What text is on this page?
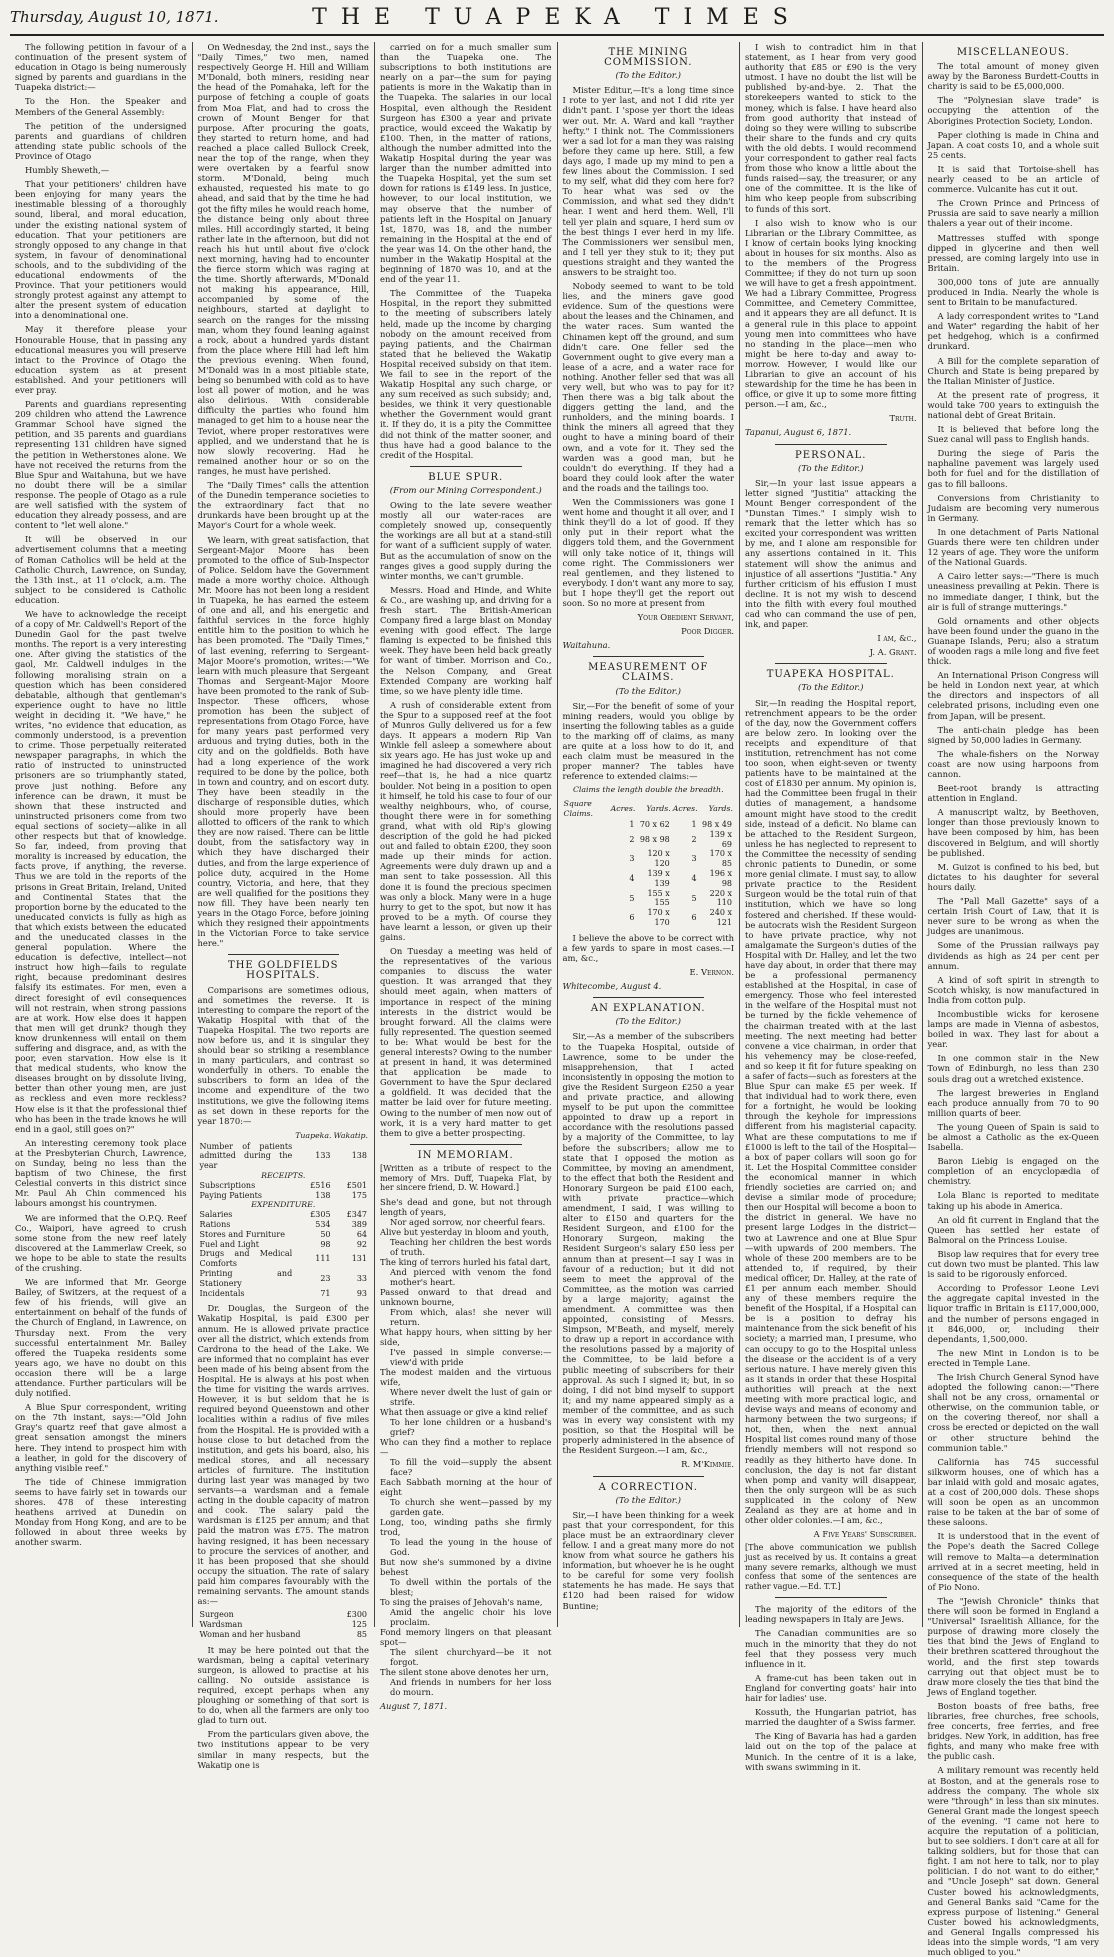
Thursday, August 10, 1871.	THE TUAPEKA TIMES

The following petition in favour of a continuation of the present system of education in Otago is being numerously signed by parents and guardians in the Tuapeka district:—

To the Hon. the Speaker and Members of the General Assembly:

The petition of the undersigned parents and guardians of children attending state public schools of the Province of Otago

Humbly Sheweth,—

That your petitioners' children have been enjoying for many years the inestimable blessing of a thoroughly sound, liberal, and moral education, under the existing national system of education. That your petitioners are strongly opposed to any change in that system, in favour of denominational schools, and to the subdividing of the educational endowments of the Province. That your petitioners would strongly protest against any attempt to alter the present system of education into a denominational one.

May it therefore please your Honourable House, that in passing any educational measures you will preserve intact to the Province of Otago the education system as at present established. And your petitioners will ever pray.

Parents and guardians representing 209 children who attend the Lawrence Grammar School have signed the petition, and 35 parents and guardians representing 131 children have signed the petition in Wetherstones alone. We have not received the returns from the Blue Spur and Waitahuna, but we have no doubt there will be a similar response. The people of Otago as a rule are well satisfied with the system of education they already possess, and are content to "let well alone."

It will be observed in our advertisement columns that a meeting of Roman Catholics will be held at the Catholic Church, Lawrence, on Sunday, the 13th inst., at 11 o'clock, a.m. The subject to be considered is Catholic education.

We have to acknowledge the receipt of a copy of Mr. Caldwell's Report of the Dunedin Gaol for the past twelve months. The report is a very interesting one. After giving the statistics of the gaol, Mr. Caldwell indulges in the following moralising strain on a question which has been considered debatable, although that gentleman's experience ought to have no little weight in deciding it. "We have," he writes, "no evidence that education, as commonly understood, is a prevention to crime. Those perpetually reiterated newspaper paragraphs, in which the ratio of instructed to uninstructed prisoners are so triumphantly stated, prove just nothing. Before any inference can be drawn, it must be shown that these instructed and uninstructed prisoners come from two equal sections of society—alike in all other respects but that of knowledge. So far, indeed, from proving that morality is increased by education, the facts prove, if anything, the reverse. Thus we are told in the reports of the prisons in Great Britain, Ireland, United and Continental States that the proportion borne by the educated to the uneducated convicts is fully as high as that which exists between the educated and the uneducated classes in the general population. Where the education is defective, intellect—not instruct how high—fails to regulate right, because predominant desires falsify its estimates. For men, even a direct foresight of evil consequences will not restrain, when strong passions are at work. How else does it happen that men will get drunk? though they know drunkenness will entail on them suffering and disgrace, and, as with the poor, even starvation. How else is it that medical students, who know the diseases brought on by dissolute living, better than other young men, are just as reckless and even more reckless? How else is it that the professional thief who has been in the trade knows he will end in a gaol, still goes on?"

An interesting ceremony took place at the Presbyterian Church, Lawrence, on Sunday, being no less than the baptism of two Chinese, the first Celestial converts in this district since Mr. Paul Ah Chin commenced his labours amongst his countrymen.

We are informed that the O.P.Q. Reef Co., Waipori, have agreed to crush some stone from the new reef lately discovered at the Lammerlaw Creek, so we hope to be able to state the results of the crushing.

We are informed that Mr. George Bailey, of Switzers, at the request of a few of his friends, will give an entertainment on behalf of the funds of the Church of England, in Lawrence, on Thursday next. From the very successful entertainment Mr. Bailey offered the Tuapeka residents some years ago, we have no doubt on this occasion there will be a large attendance. Further particulars will be duly notified.

A Blue Spur correspondent, writing on the 7th instant, says:—"Old John Gray's quartz reef that gave almost a great sensation amongst the miners here. They intend to prospect him with a leather, in gold for the discovery of anything visible reef."

The tide of Chinese immigration seems to have fairly set in towards our shores. 478 of these interesting heathens arrived at Dunedin on Monday from Hong Kong, and are to be followed in about three weeks by another swarm.

On Wednesday, the 2nd inst., says the "Daily Times," two men, named respectively George H. Hill and William M'Donald, both miners, residing near the head of the Pomahaka, left for the purpose of fetching a couple of goats from Moa Flat, and had to cross the crown of Mount Benger for that purpose. After procuring the goats, they started to return home, and had reached a place called Bullock Creek, near the top of the range, when they were overtaken by a fearful snow storm. M'Donald, being much exhausted, requested his mate to go ahead, and said that by the time he had got the fifty miles he would reach home, the distance being only about three miles. Hill accordingly started, it being rather late in the afternoon, but did not reach his hut until about five o'clock next morning, having had to encounter the fierce storm which was raging at the time. Shortly afterwards, M'Donald not making his appearance, Hill, accompanied by some of the neighbours, started at daylight to search on the ranges for the missing man, whom they found leaning against a rock, about a hundred yards distant from the place where Hill had left him the previous evening. When found, M'Donald was in a most pitiable state, being so benumbed with cold as to have lost all power of motion, and he was also delirious. With considerable difficulty the parties who found him managed to get him to a house near the Teviot, where proper restoratives were applied, and we understand that he is now slowly recovering. Had he remained another hour or so on the ranges, he must have perished.

The "Daily Times" calls the attention of the Dunedin temperance societies to the extraordinary fact that no drunkards have been brought up at the Mayor's Court for a whole week.

We learn, with great satisfaction, that Sergeant-Major Moore has been promoted to the office of Sub-Inspector of Police. Seldom have the Government made a more worthy choice. Although Mr. Moore has not been long a resident in Tuapeka, he has earned the esteem of one and all, and his energetic and faithful services in the force highly entitle him to the position to which he has been promoted. The "Daily Times," of last evening, referring to Sergeant-Major Moore's promotion, writes:—"We learn with much pleasure that Sergeant Thomas and Sergeant-Major Moore have been promoted to the rank of Sub-Inspector. These officers, whose promotion has been the subject of representations from Otago Force, have for many years past performed very arduous and trying duties, both in the city and on the goldfields. Both have had a long experience of the work required to be done by the police, both in town and country, and on escort duty. They have been steadily in the discharge of responsible duties, which should more properly have been allotted to officers of the rank to which they are now raised. There can be little doubt, from the satisfactory way in which they have discharged their duties, and from the large experience of police duty, acquired in the Home country, Victoria, and here, that they are well qualified for the positions they now fill. They have been nearly ten years in the Otago Force, before joining which they resigned their appointments in the Victorian Force to take service here."

THE GOLDFIELDS HOSPITALS.

Comparisons are sometimes odious, and sometimes the reverse. It is interesting to compare the report of the Wakatip Hospital with that of the Tuapeka Hospital. The two reports are now before us, and it is singular they should bear so striking a resemblance in many particulars, and contrast so wonderfully in others. To enable the subscribers to form an idea of the income and expenditure of the two institutions, we give the following items as set down in these reports for the year 1870:—

	Tuapeka.	Wakatip.
Number of patients admitted during the year	133	138
RECEIPTS.		
Subscriptions	£516	£501
Paying Patients	138	175
EXPENDITURE.		
Salaries	£305	£347
Rations	534	389
Stores and Furniture	50	64
Fuel and Light	98	92
Drugs and Medical Comforts	111	131
Printing and Stationery	23	33
Incidentals	71	93

Dr. Douglas, the Surgeon of the Wakatip Hospital, is paid £300 per annum. He is allowed private practice over all the district, which extends from Cardrona to the head of the Lake. We are informed that no complaint has ever been made of his being absent from the Hospital. He is always at his post when the time for visiting the wards arrives. However, it is but seldom that he is required beyond Queenstown and other localities within a radius of five miles from the Hospital. He is provided with a house close to but detached from the institution, and gets his board, also, his medical stores, and all necessary articles of furniture. The institution during last year was managed by two servants—a wardsman and a female acting in the double capacity of matron and cook. The salary paid the wardsman is £125 per annum; and that paid the matron was £75. The matron having resigned, it has been necessary to procure the services of another, and it has been proposed that she should occupy the situation. The rate of salary paid him compares favourably with the remaining servants. The amount stands as:—

Surgeon	£300
Wardsman	125
Woman and her husband	85

It may be here pointed out that the wardsman, being a capital veterinary surgeon, is allowed to practise at his calling. No outside assistance is required, except perhaps when any ploughing or something of that sort is to do, when all the farmers are only too glad to turn out.

From the particulars given above, the two institutions appear to be very similar in many respects, but the Wakatip one is

carried on for a much smaller sum than the Tuapeka one. The subscriptions to both institutions are nearly on a par—the sum for paying patients is more in the Wakatip than in the Tuapeka. The salaries in our local Hospital, even although the Resident Surgeon has £300 a year and private practice, would exceed the Wakatip by £100. Then, in the matter of rations, although the number admitted into the Wakatip Hospital during the year was larger than the number admitted into the Tuapeka Hospital, yet the sum set down for rations is £149 less. In justice, however, to our local institution, we may observe that the number of patients left in the Hospital on January 1st, 1870, was 18, and the number remaining in the Hospital at the end of the year was 14. On the other hand, the number in the Wakatip Hospital at the beginning of 1870 was 10, and at the end of the year 11.

The Committee of the Tuapeka Hospital, in the report they submitted to the meeting of subscribers lately held, made up the income by charging nobody on the amount received from paying patients, and the Chairman stated that he believed the Wakatip Hospital received subsidy on that item. We fail to see in the report of the Wakatip Hospital any such charge, or any sum received as such subsidy; and, besides, we think it very questionable whether the Government would grant it. If they do, it is a pity the Committee did not think of the matter sooner, and thus have had a good balance to the credit of the Hospital.

BLUE SPUR.
(From our Mining Correspondent.)

Owing to the late severe weather mostly all our water-races are completely snowed up, consequently the workings are all but at a stand-still for want of a sufficient supply of water. But as the accumulation of snow on the ranges gives a good supply during the winter months, we can't grumble.

Messrs. Hoad and Hinde, and White & Co., are washing up, and driving for a fresh start. The British-American Company fired a large blast on Monday evening with good effect. The large flaming is expected to be finished this week. They have been held back greatly for want of timber. Morrison and Co., the Nelson Company, and Great Extended Company are working half time, so we have plenty idle time.

A rush of considerable extent from the Spur to a supposed reef at the foot of Munros Gully delivered us for a few days. It appears a modern Rip Van Winkle fell asleep a somewhere about six years ago. He has just woke up and imagined he had discovered a very rich reef—that is, he had a nice quartz boulder. Not being in a position to open it himself, he told his case to four of our wealthy neighbours, who, of course, thought there were in for something grand, what with old Rip's glowing description of the gold he had picked out and failed to obtain £200, they soon made up their minds for action. Agreements were duly drawn up and a man sent to take possession. All this done it is found the precious specimen was only a block. Many were in a huge hurry to get to the spot, but now it has proved to be a myth. Of course they have learnt a lesson, or given up their gains.

On Tuesday a meeting was held of the representatives of the various companies to discuss the water question. It was arranged that they should meet again, when matters of importance in respect of the mining interests in the district would be brought forward. All the claims were fully represented. The question seemed to be: What would be best for the general interests? Owing to the number at present in hand, it was determined that application be made to Government to have the Spur declared a goldfield. It was decided that the matter be laid over for future meeting. Owing to the number of men now out of work, it is a very hard matter to get them to give a better prospecting.

IN MEMORIAM.
[Written as a tribute of respect to the memory of Mrs. Duff, Tuapeka Flat, by her sincere friend, D. W. Howard.]
She's dead and gone, but not through length of years,
Nor aged sorrow, nor cheerful fears.
Alive but yesterday in bloom and youth,
Teaching her children the best words of truth.
The king of terrors hurled his fatal dart,
And pierced with venom the fond mother's heart.
Passed onward to that dread and unknown bourne,
From which, alas! she never will return.
What happy hours, when sitting by her side,
I've passed in simple converse:—view'd with pride
The modest maiden and the virtuous wife,
Where never dwelt the lust of gain or strife.
What then assuage or give a kind relief
To her lone children or a husband's grief?
Who can they find a mother to replace—
To fill the void—supply the absent face?
Each Sabbath morning at the hour of eight
To church she went—passed by my garden gate.
Long, too, winding paths she firmly trod,
To lead the young in the house of God.
But now she's summoned by a divine behest
To dwell within the portals of the blest;
To sing the praises of Jehovah's name,
Amid the angelic choir his love proclaim.
Fond memory lingers on that pleasant spot—
The silent churchyard—be it not forgot.
The silent stone above denotes her urn,
And friends in numbers for her loss do mourn.
August 7, 1871.
THE MINING COMMISSION.
(To the Editor.)

Mister Editur,—It's a long time since I rote to yer last, and not I did rite yer didn't pant. I 'spose yer thort the ideas wer out. Mr. A. Ward and kall "rayther hefty." I think not. The Commissioners wer a sad lot for a man they was raising before they came up here. Still, a few days ago, I made up my mind to pen a few lines about the Commission. I sed to my self, what did they com here for? To hear what was sed ov the Commission, and what sed they didn't hear. I went and herd them. Well, I'll tell yer plain and square, I herd sum ov the best things I ever herd in my life. The Commissioners wer sensibul men, and I tell yer they stuk to it; they put questions straight and they wanted the answers to be straight too.

Nobody seemed to want to be told lies, and the miners gave good evidence. Sum of the questions were about the leases and the Chinamen, and the water races. Sum wanted the Chinamen kept off the ground, and sum didn't care. One feller sed the Government ought to give every man a lease of a acre, and a water race for nothing. Another feller sed that was all very well, but who was to pay for it? Then there was a big talk about the diggers getting the land, and the runholders, and the mining boards. I think the miners all agreed that they ought to have a mining board of their own, and a vote for it. They sed the warden was a good man, but he couldn't do everything. If they had a board they could look after the water and the roads and the tailings too.

Wen the Commissioners was gone I went home and thought it all over, and I think they'll do a lot of good. If they only put in their report what the diggers told them, and the Government will only take notice of it, things will come right. The Commissioners wer real gentlemen, and they listened to everybody. I don't want any more to say, but I hope they'll get the report out soon. So no more at present from

Your Obedient Servant,
Poor Digger.
Waitahuna.
MEASUREMENT OF CLAIMS.
(To the Editor.)

Sir,—For the benefit of some of your mining readers, would you oblige by inserting the following tables as a guide to the marking off of claims, as many are quite at a loss how to do it, and each claim must be measured in the proper manner? The tables have reference to extended claims:—

Claims the length double the breadth.
Square Claims.	Acres.	Yards.	Acres.	Yards.
	1	70 x 62	1	98 x 49
	2	98 x 98	2	139 x 69
	3	120 x 120	3	170 x 85
	4	139 x 139	4	196 x 98
	5	155 x 155	5	220 x 110
	6	170 x 170	6	240 x 121

I believe the above to be correct with a few yards to spare in most cases.—I am, &c.,

E. Vernon.
Whitecombe, August 4.
AN EXPLANATION.
(To the Editor.)

Sir,—As a member of the subscribers to the Tuapeka Hospital, outside of Lawrence, some to be under the misapprehension, that I acted inconsistently in opposing the motion to give the Resident Surgeon £250 a year and private practice, and allowing myself to be put upon the committee appointed to draw up a report in accordance with the resolutions passed by a majority of the Committee, to lay before the subscribers; allow me to state that I opposed the motion as Committee, by moving an amendment, to the effect that both the Resident and Honorary Surgeon be paid £100 each, with private practice—which amendment, I said, I was willing to alter to £150 and quarters for the Resident Surgeon, and £100 for the Honorary Surgeon, making the Resident Surgeon's salary £50 less per annum than at present—I say I was in favour of a reduction; but it did not seem to meet the approval of the Committee, as the motion was carried by a large majority; against the amendment. A committee was then appointed, consisting of Messrs. Simpson, M'Beath, and myself, merely to draw up a report in accordance with the resolutions passed by a majority of the Committee, to be laid before a public meeting of subscribers for their approval. As such I signed it; but, in so doing, I did not bind myself to support it; and my name appeared simply as a member of the committee, and as such was in every way consistent with my position, so that the Hospital will be properly administered in the absence of the Resident Surgeon.—I am, &c.,

R. M'Kimmie.
A CORRECTION.
(To the Editor.)

Sir,—I have been thinking for a week past that your correspondent, for this place must be an extraordinary clever fellow. I and a great many more do not know from what source he gathers his information, but whoever he is he ought to be careful for some very foolish statements he has made. He says that £120 had been raised for widow Buntine;

I wish to contradict him in that statement, as I hear from very good authority that £85 or £90 is the very utmost. I have no doubt the list will be published by-and-bye. 2. That the storekeepers wanted to stick to the money, which is false. I have heard also from good authority that instead of doing so they were willing to subscribe their share to the funds and cry quits with the old debts. I would recommend your correspondent to gather real facts from those who know a little about the funds raised—say, the treasurer, or any one of the committee. It is the like of him who keep people from subscribing to funds of this sort.

I also wish to know who is our Librarian or the Library Committee, as I know of certain books lying knocking about in houses for six months. Also as to the members of the Progress Committee; if they do not turn up soon we will have to get a fresh appointment. We had a Library Committee, Progress Committee, and Cemetery Committee, and it appears they are all defunct. It is a general rule in this place to appoint young men into committees who have no standing in the place—men who might be here to-day and away to-morrow. However, I would like our Librarian to give an account of his stewardship for the time he has been in office, or give it up to some more fitting person.—I am, &c.,

Truth.
Tapanui, August 6, 1871.
PERSONAL.
(To the Editor.)

Sir,—In your last issue appears a letter signed "Justitia" attacking the Mount Benger correspondent of the "Dunstan Times." I simply wish to remark that the letter which has so excited your correspondent was written by me, and I alone am responsible for any assertions contained in it. This statement will show the animus and injustice of all assertions "Justitia." Any further criticism of his effusion I must decline. It is not my wish to descend into the filth with every foul mouthed cad who can command the use of pen, ink, and paper.

I am, &c.,
J. A. Grant.
TUAPEKA HOSPITAL.
(To the Editor.)

Sir,—In reading the Hospital report, retrenchment appears to be the order of the day, now the Government coffers are below zero. In looking over the receipts and expenditure of that institution, retrenchment has not come too soon, when eight-seven or twenty patients have to be maintained at the cost of £1830 per annum. My opinion is, had the Committee been frugal in their duties of management, a handsome amount might have stood to the credit side, instead of a deficit. No blame can be attached to the Resident Surgeon, unless he has neglected to represent to the Committee the necessity of sending chronic patients to Dunedin, or some more genial climate. I must say, to allow private practice to the Resident Surgeon would be the total ruin of that institution, which we have so long fostered and cherished. If these would-be autocrats wish the Resident Surgeon to have private practice, why not amalgamate the Surgeon's duties of the Hospital with Dr. Halley, and let the two have day about, in order that there may be a professional permanency established at the Hospital, in case of emergency. Those who feel interested in the welfare of the Hospital must not be turned by the fickle vehemence of the chairman treated with at the last meeting. The next meeting had better convene a vice chairman, in order that his vehemency may be close-reefed, and so keep it fit for future speaking on a safer of facts—such as foresters at the Blue Spur can make £5 per week. If that individual had to work there, even for a fortnight, he would be looking through the keyhole for impressions different from his magisterial capacity. What are these computations to me if £1000 is left to the tail of the Hospital—a box of paper collars will soon go for it. Let the Hospital Committee consider the economical manner in which friendly societies are carried on; and devise a similar mode of procedure; then our Hospital will become a boon to the district in general. We have no present large Lodges in the district—two at Lawrence and one at Blue Spur—with upwards of 200 members. The whole of these 200 members are to be attended to, if required, by their medical officer, Dr. Halley, at the rate of £1 per annum each member. Should any of these members require the benefit of the Hospital, if a Hospital can be is a position to defray his maintenance from the sick benefit of his society; a married man, I presume, who can occupy to go to the Hospital unless the disease or the accident is of a very serious nature. I have merely given this as it stands in order that these Hospital authorities will preach at the next meeting with more practical logic, and devise ways and means of economy and harmony between the two surgeons; if not, then, when the next annual Hospital list comes round many of those friendly members will not respond so readily as they hitherto have done. In conclusion, the day is not far distant when pomp and vanity will disappear, then the only surgeon will be as such supplicated in the colony of New Zealand as they are at home and in other older colonies.—I am, &c.,

A Five Years' Subscriber.
[The above communication we publish just as received by us. It contains a great many severe remarks, although we must confess that some of the sentences are rather vague.—Ed. T.T.]

The majority of the editors of the leading newspapers in Italy are Jews.

The Canadian communities are so much in the minority that they do not feel that they possess very much influence in it.

A frame-cut has been taken out in England for converting goats' hair into hair for ladies' use.

Kossuth, the Hungarian patriot, has married the daughter of a Swiss farmer.

The King of Bavaria has had a garden laid out on the top of the palace at Munich. In the centre of it is a lake, with swans swimming in it.

MISCELLANEOUS.

The total amount of money given away by the Baroness Burdett-Coutts in charity is said to be £5,000,000.

The "Polynesian slave trade" is occupying the attention of the Aborigines Protection Society, London.

Paper clothing is made in China and Japan. A coat costs 10, and a whole suit 25 cents.

It is said that Tortoise-shell has nearly ceased to be an article of commerce. Vulcanite has cut it out.

The Crown Prince and Princess of Prussia are said to save nearly a million thalers a year out of their income.

Mattresses stuffed with sponge dipped in glycerine and then well pressed, are coming largely into use in Britain.

300,000 tons of jute are annually produced in India. Nearly the whole is sent to Britain to be manufactured.

A lady correspondent writes to "Land and Water" regarding the habit of her pet hedgehog, which is a confirmed drunkard.

A Bill for the complete separation of Church and State is being prepared by the Italian Minister of Justice.

At the present rate of progress, it would take 700 years to extinguish the national debt of Great Britain.

It is believed that before long the Suez canal will pass to English hands.

During the siege of Paris the naphaline pavement was largely used both for fuel and for the distillation of gas to fill balloons.

Conversions from Christianity to Judaism are becoming very numerous in Germany.

In one detachment of Paris National Guards there were ten children under 12 years of age. They wore the uniform of the National Guards.

A Cairo letter says:—"There is much uneasiness prevailing at Pekin. There is no immediate danger, I think, but the air is full of strange mutterings."

Gold ornaments and other objects have been found under the guano in the Guanape Islands, Peru; also a stratum of wooden rags a mile long and five feet thick.

An International Prison Congress will be held in London next year, at which the directors and inspectors of all celebrated prisons, including even one from Japan, will be present.

The anti-chain pledge has been signed by 50,000 ladies in Germany.

The whale-fishers on the Norway coast are now using harpoons from cannon.

Beet-root brandy is attracting attention in England.

A manuscript waltz, by Beethoven, longer than those previously known to have been composed by him, has been discovered in Belgium, and will shortly be published.

M. Guizot is confined to his bed, but dictates to his daughter for several hours daily.

The "Pall Mall Gazette" says of a certain Irish Court of Law, that it is never sure to be wrong as when the judges are unanimous.

Some of the Prussian railways pay dividends as high as 24 per cent per annum.

A kind of soft spirit in strength to Scotch whisky, is now manufactured in India from cotton pulp.

Incombustible wicks for kerosene lamps are made in Vienna of asbestos, boiled in wax. They last for about a year.

In one common stair in the New Town of Edinburgh, no less than 230 souls drag out a wretched existence.

The largest breweries in England each produce annually from 70 to 90 million quarts of beer.

The young Queen of Spain is said to be almost a Catholic as the ex-Queen Isabella.

Baron Liebig is engaged on the completion of an encyclopædia of chemistry.

Lola Blanc is reported to meditate taking up his abode in America.

An old fit current in England that the Queen has settled her estate of Balmoral on the Princess Louise.

Bisop law requires that for every tree cut down two must be planted. This law is said to be rigorously enforced.

According to Professor Leone Levi the aggregate capital invested in the liquor traffic in Britain is £117,000,000, and the number of persons engaged in it 846,000, or, including their dependants, 1,500,000.

The new Mint in London is to be erected in Temple Lane.

The Irish Church General Synod have adopted the following canon:—"There shall not be any cross, ornamental or otherwise, on the communion table, or on the covering thereof, nor shall a cross be erected or depicted on the wall or other structure behind the communion table."

California has 745 successful silkworm houses, one of which has a bar inlaid with gold and mosaic agates, at a cost of 200,000 dols. These shops will soon be open as an uncommon raise to be taken at the bar of some of these saloons.

It is understood that in the event of the Pope's death the Sacred College will remove to Malta—a determination arrived at in a secret meeting, held in consequence of the state of the health of Pio Nono.

The "Jewish Chronicle" thinks that there will soon be formed in England a "Universal" Israelitish Alliance, for the purpose of drawing more closely the ties that bind the Jews of England to their brethren scattered throughout the world, and the first step towards carrying out that object must be to draw more closely the ties that bind the Jews of England together.

Boston boasts of free baths, free libraries, free churches, free schools, free concerts, free ferries, and free bridges. New York, in addition, has free fights, and many who make free with the public cash.

A military remount was recently held at Boston, and at the generals rose to address the company. The whole six were "through" in less than six minutes. General Grant made the longest speech of the evening. "I came not here to acquire the reputation of a politician, but to see soldiers. I don't care at all for talking soldiers, but for those that can fight. I am not here to talk, nor to play politician. I do not want to do either," and "Uncle Joseph" sat down. General Custer bowed his acknowledgments, and General Banks said "Came for the express purpose of listening." General Custer bowed his acknowledgments, and General Ingalls compressed his ideas into the simple words, "I am very much obliged to you."
